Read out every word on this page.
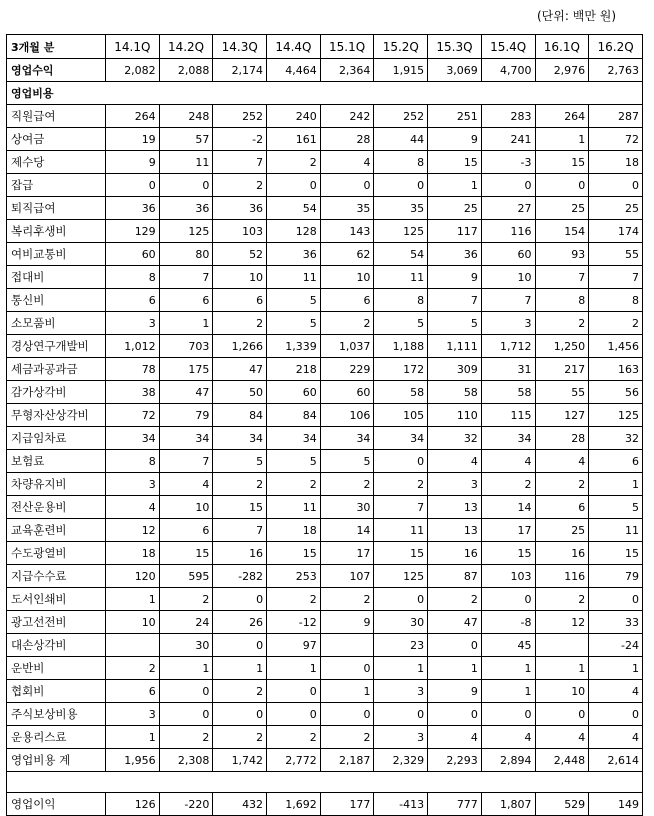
(단위: 백만 원)
3개월 분	14.1Q	14.2Q	14.3Q	14.4Q	15.1Q	15.2Q	15.3Q	15.4Q	16.1Q	16.2Q
영업수익	2,082	2,088	2,174	4,464	2,364	1,915	3,069	4,700	2,976	2,763
영업비용										
직원급여	264	248	252	240	242	252	251	283	264	287
상여금	19	57	-2	161	28	44	9	241	1	72
제수당	9	11	7	2	4	8	15	-3	15	18
잡급	0	0	2	0	0	0	1	0	0	0
퇴직급여	36	36	36	54	35	35	25	27	25	25
복리후생비	129	125	103	128	143	125	117	116	154	174
여비교통비	60	80	52	36	62	54	36	60	93	55
접대비	8	7	10	11	10	11	9	10	7	7
통신비	6	6	6	5	6	8	7	7	8	8
소모품비	3	1	2	5	2	5	5	3	2	2
경상연구개발비	1,012	703	1,266	1,339	1,037	1,188	1,111	1,712	1,250	1,456
세금과공과금	78	175	47	218	229	172	309	31	217	163
감가상각비	38	47	50	60	60	58	58	58	55	56
무형자산상각비	72	79	84	84	106	105	110	115	127	125
지급임차료	34	34	34	34	34	34	32	34	28	32
보험료	8	7	5	5	5	0	4	4	4	6
차량유지비	3	4	2	2	2	2	3	2	2	1
전산운용비	4	10	15	11	30	7	13	14	6	5
교육훈련비	12	6	7	18	14	11	13	17	25	11
수도광열비	18	15	16	15	17	15	16	15	16	15
지급수수료	120	595	-282	253	107	125	87	103	116	79
도서인쇄비	1	2	0	2	2	0	2	0	2	0
광고선전비	10	24	26	-12	9	30	47	-8	12	33
대손상각비		30	0	97		23	0	45		-24
운반비	2	1	1	1	0	1	1	1	1	1
협회비	6	0	2	0	1	3	9	1	10	4
주식보상비용	3	0	0	0	0	0	0	0	0	0
운용리스료	1	2	2	2	2	3	4	4	4	4
영업비용 계	1,956	2,308	1,742	2,772	2,187	2,329	2,293	2,894	2,448	2,614

영업이익	126	-220	432	1,692	177	-413	777	1,807	529	149
